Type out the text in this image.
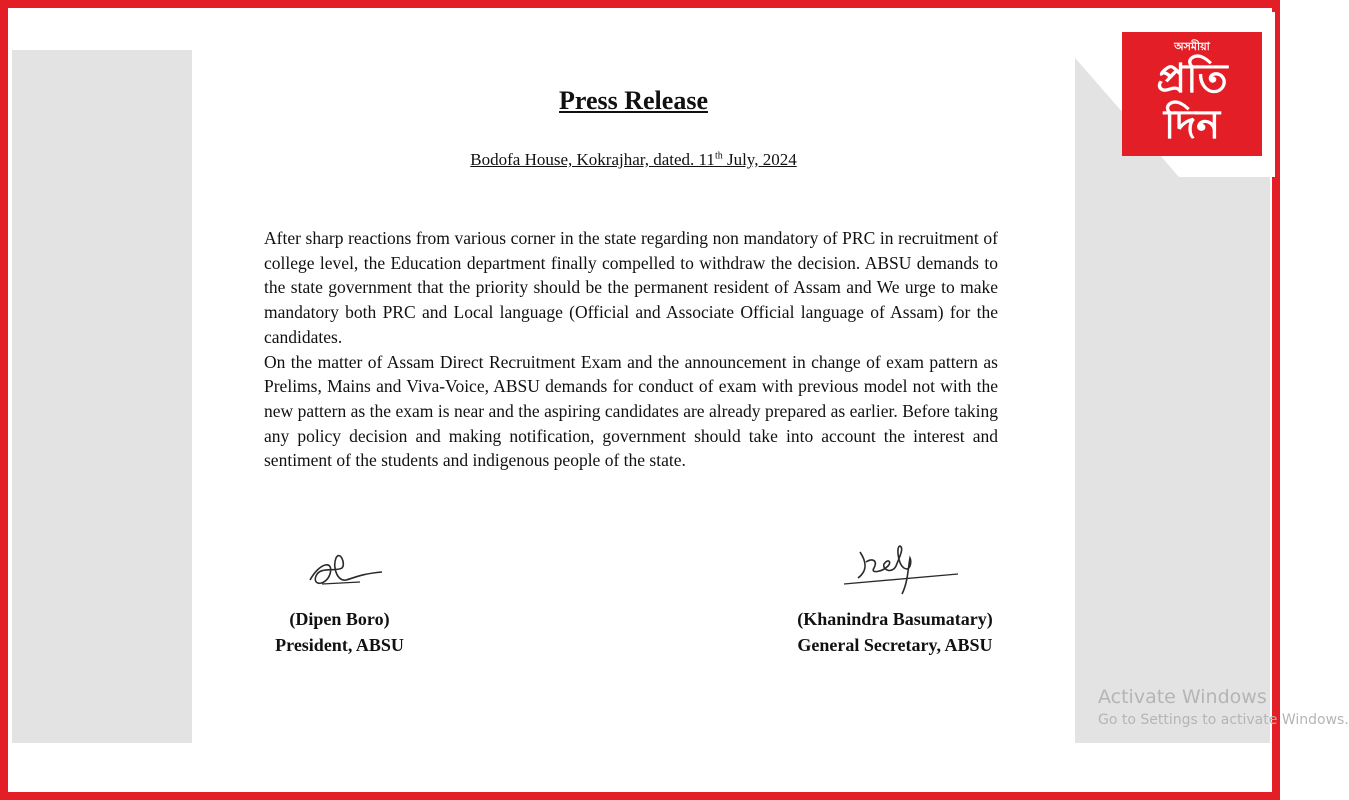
Press Release
Bodofa House, Kokrajhar, dated. 11th July, 2024

After sharp reactions from various corner in the state regarding non mandatory of PRC in recruitment of college level, the Education department finally compelled to withdraw the decision. ABSU demands to the state government that the priority should be the permanent resident of Assam and We urge to make mandatory both PRC and Local language (Official and Associate Official language of Assam) for the candidates.

On the matter of Assam Direct Recruitment Exam and the announcement in change of exam pattern as Prelims, Mains and Viva-Voice, ABSU demands for conduct of exam with previous model not with the new pattern as the exam is near and the aspiring candidates are already prepared as earlier. Before taking any policy decision and making notification, government should take into account the interest and sentiment of the students and indigenous people of the state.

(Dipen Boro)
President, ABSU
(Khanindra Basumatary)
General Secretary, ABSU
অসমীয়া
প্ৰতি
দিন
Activate Windows
Go to Settings to activate Windows.
